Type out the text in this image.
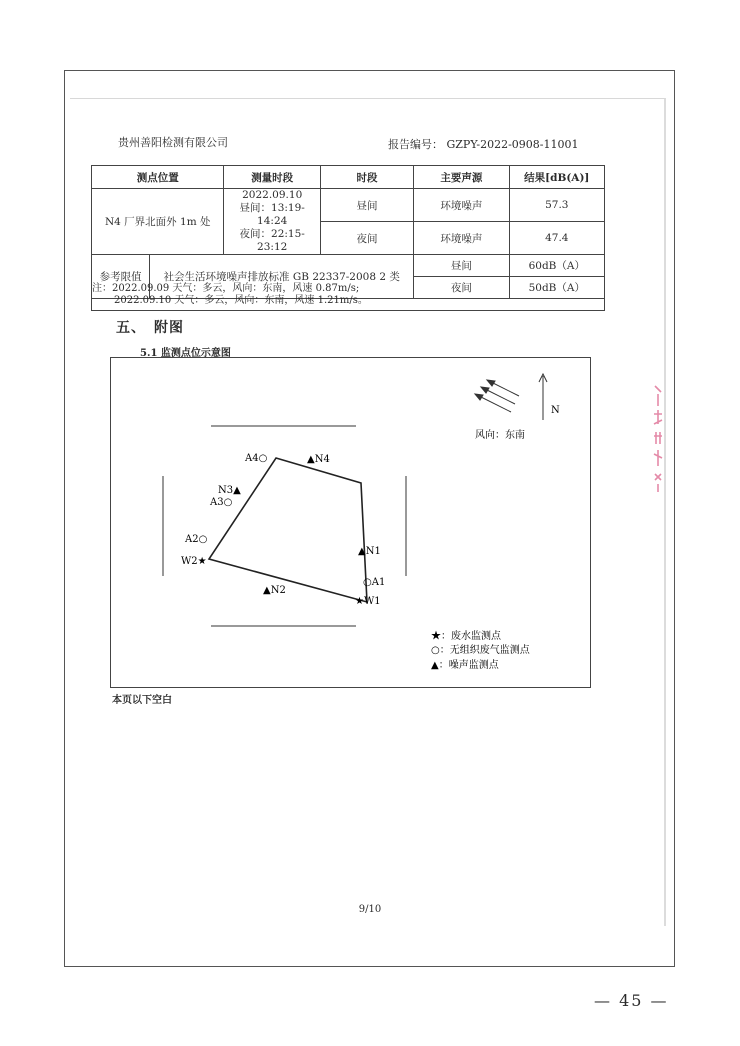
贵州善阳检测有限公司	报告编号： GZPY-2022-0908-11001
测点位置		测量时段	时段	主要声源	结果[dB(A)]
N4 厂界北面外 1m 处		2022.09.10
昼间：13:19-14:24
夜间：22:15-23:12	昼间	环境噪声	57.3
			夜间	环境噪声	47.4
参考限值	社会生活环境噪声排放标准 GB 22337-2008 2 类			昼间	60dB（A）
				夜间	50dB（A）
注：2022.09.09 天气：多云，风向：东南，风速 0.87m/s;
2022.09.10 天气：多云，风向：东南，风速 1.21m/s。
五、　附图
5.1 监测点位示意图
A4○	▲N4
N3▲
A3○
A2○
W2★
▲N1
○A1
★W1
▲N2
N
风向：东南
★：废水监测点
○：无组织废气监测点
▲：噪声监测点
本页以下空白
9/10
— 45 —
